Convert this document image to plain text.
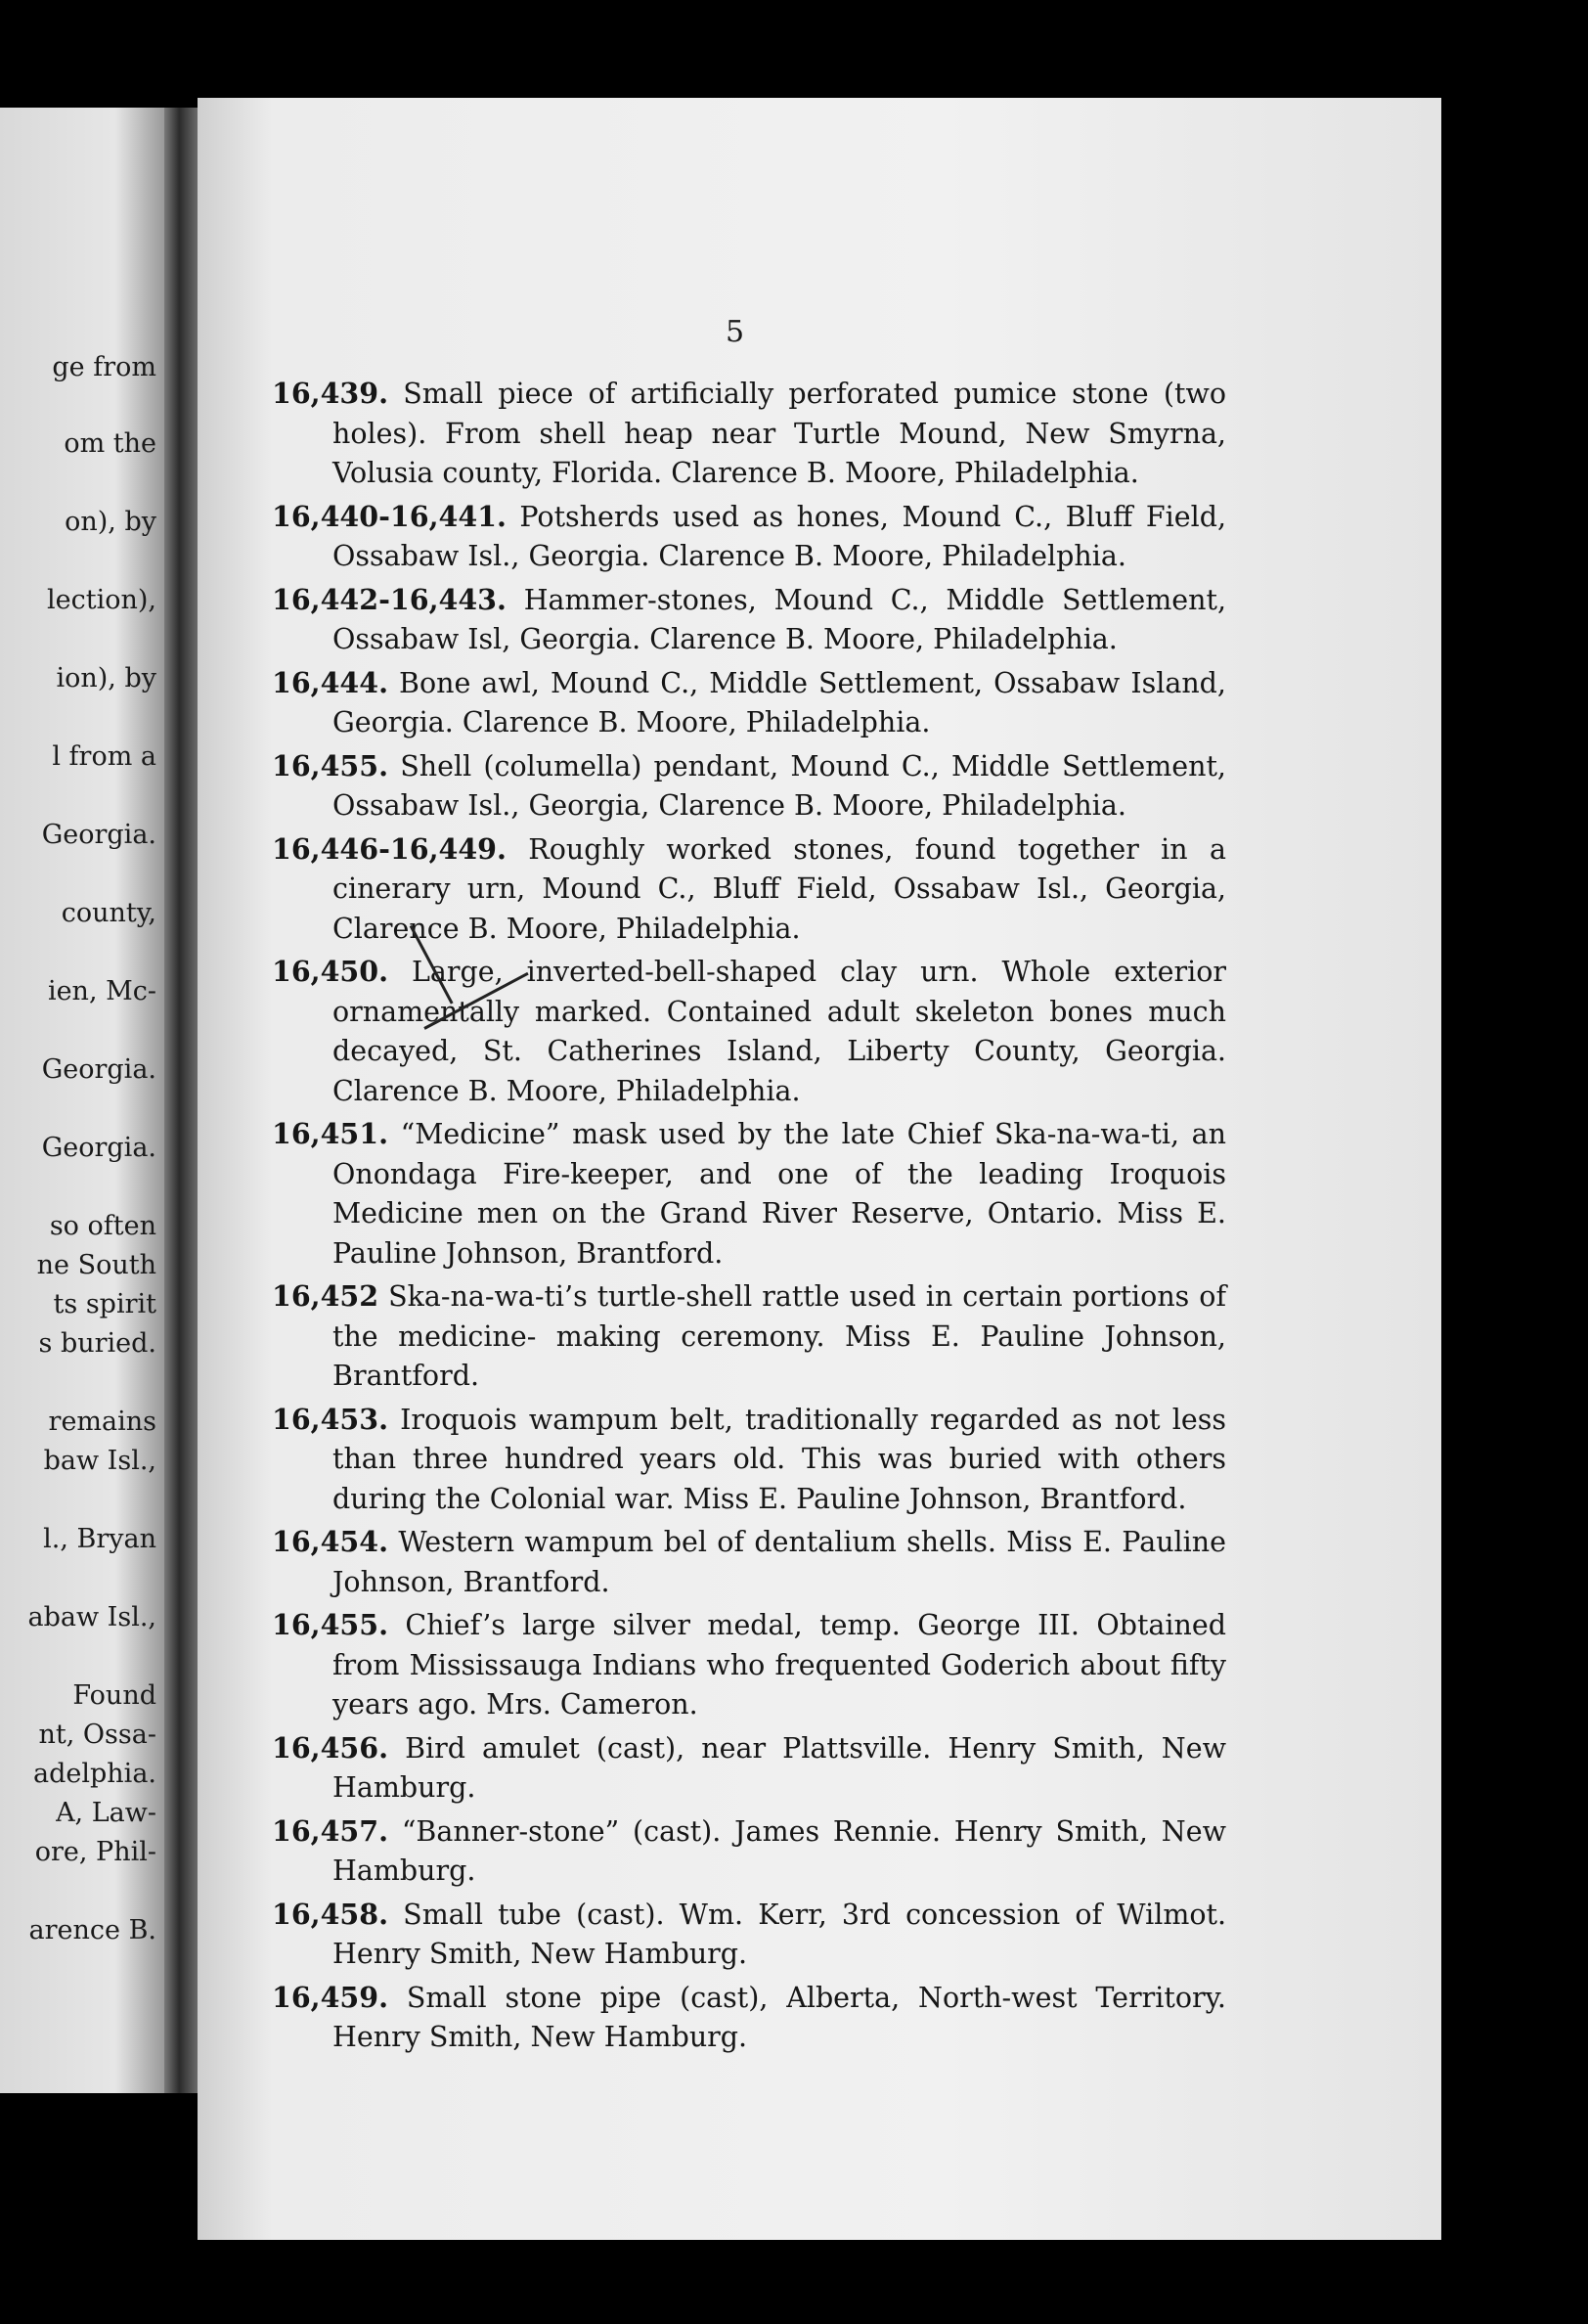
ge from
om the
on), by
lection),
ion), by
l from a
Georgia.
county,
ien, Mc-
Georgia.
Georgia.
so often
ne South
ts spirit
s buried.
remains
baw Isl.,
l., Bryan
abaw Isl.,
Found
nt, Ossa-
adelphia.
A, Law-
ore, Phil-
arence B.
5

16,439. Small piece of artificially perforated pumice stone (two holes). From shell heap near Turtle Mound, New Smyrna, Volusia county, Florida. Clarence B. Moore, Philadelphia.

16,440-16,441. Potsherds used as hones, Mound C., Bluff Field, Ossabaw Isl., Georgia. Clarence B. Moore, Philadelphia.

16,442-16,443. Hammer-stones, Mound C., Middle Settlement, Ossabaw Isl, Georgia. Clarence B. Moore, Philadelphia.

16,444. Bone awl, Mound C., Middle Settlement, Ossabaw Island, Georgia. Clarence B. Moore, Philadelphia.

16,455. Shell (columella) pendant, Mound C., Middle Settlement, Ossabaw Isl., Georgia, Clarence B. Moore, Philadelphia.

16,446-16,449. Roughly worked stones, found together in a cinerary urn, Mound C., Bluff Field, Ossabaw Isl., Georgia, Clarence B. Moore, Philadelphia.

16,450. Large, inverted-bell-shaped clay urn. Whole exterior ornamentally marked. Contained adult skeleton bones much decayed, St. Catherines Island, Liberty County, Georgia. Clarence B. Moore, Philadelphia.

16,451. “Medicine” mask used by the late Chief Ska-na-wa-ti, an Onondaga Fire-keeper, and one of the leading Iroquois Medicine men on the Grand River Reserve, Ontario. Miss E. Pauline Johnson, Brantford.

16,452 Ska-na-wa-ti’s turtle-shell rattle used in certain portions of the medicine- making ceremony. Miss E. Pauline Johnson, Brantford.

16,453. Iroquois wampum belt, traditionally regarded as not less than three hundred years old. This was buried with others during the Colonial war. Miss E. Pauline Johnson, Brantford.

16,454. Western wampum bel of dentalium shells. Miss E. Pauline Johnson, Brantford.

16,455. Chief’s large silver medal, temp. George III. Obtained from Mississauga Indians who frequented Goderich about fifty years ago. Mrs. Cameron.

16,456. Bird amulet (cast), near Plattsville. Henry Smith, New Hamburg.

16,457. “Banner-stone” (cast). James Rennie. Henry Smith, New Hamburg.

16,458. Small tube (cast). Wm. Kerr, 3rd concession of Wilmot. Henry Smith, New Hamburg.

16,459. Small stone pipe (cast), Alberta, North-west Territory. Henry Smith, New Hamburg.
